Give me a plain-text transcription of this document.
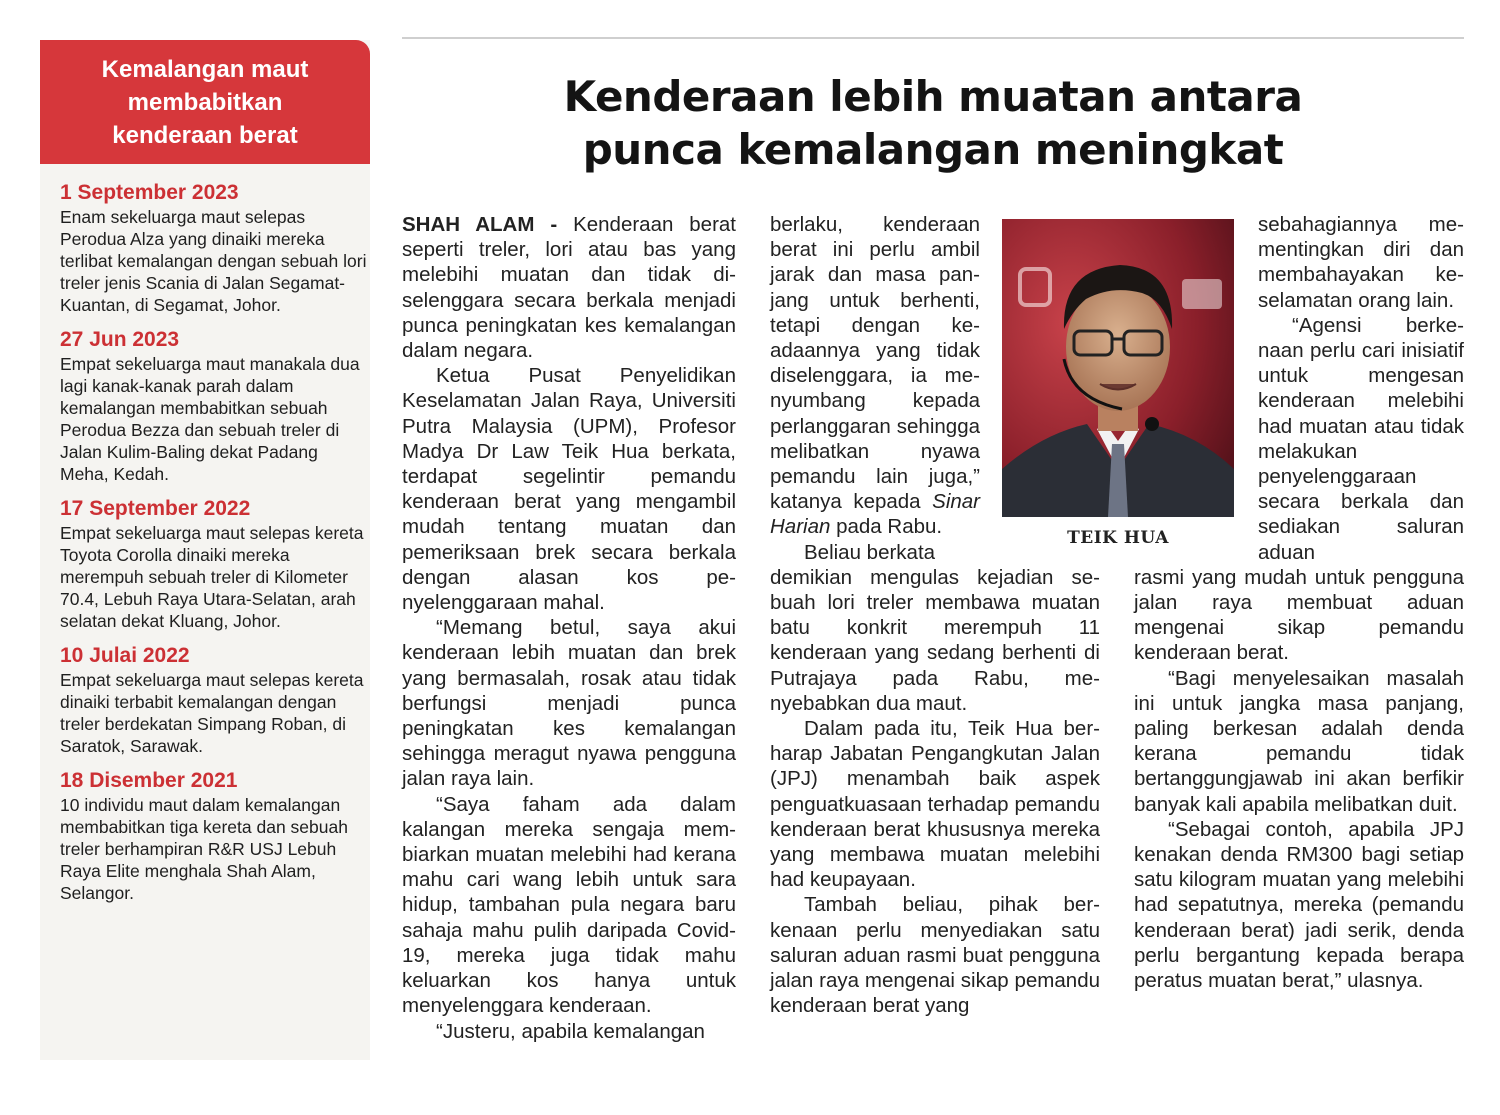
Kemalangan maut
membabitkan
kenderaan berat
1 September 2023
Enam sekeluarga maut selepas Perodua Alza yang dinaiki mereka terlibat kemalangan dengan sebuah lori treler jenis Scania di Jalan Segamat-Kuantan, di Segamat, Johor.
27 Jun 2023
Empat sekeluarga maut manakala dua lagi kanak-kanak parah dalam kemalangan membabitkan sebuah Perodua Bezza dan sebuah treler di Jalan Kulim-Baling dekat Padang Meha, Kedah.
17 September 2022
Empat sekeluarga maut selepas kereta Toyota Corolla dinaiki mereka merempuh sebuah treler di Kilometer 70.4, Lebuh Raya Utara-Selatan, arah selatan dekat Kluang, Johor.
10 Julai 2022
Empat sekeluarga maut selepas kereta dinaiki terbabit kemalangan dengan treler berdekatan Simpang Roban, di Saratok, Sarawak.
18 Disember 2021
10 individu maut dalam kemalangan membabitkan tiga kereta dan sebuah treler berhampiran R&R USJ Lebuh Raya Elite menghala Shah Alam, Selangor.
Kenderaan lebih muatan antara
punca kemalangan meningkat

SHAH ALAM - Kenderaan berat seperti treler, lori atau bas yang melebihi muatan dan tidak diselenggara secara berkala menjadi punca peningkatan kes kemalangan dalam negara.

Ketua Pusat Penyelidikan Keselamatan Jalan Raya, Universiti Putra Malaysia (UPM), Profesor Madya Dr Law Teik Hua berkata, terdapat segelintir pemandu kenderaan berat yang mengambil mudah tentang muatan dan pemeriksaan brek secara berkala dengan alasan kos penyelenggaraan mahal.

“Memang betul, saya akui kenderaan lebih muatan dan brek yang bermasalah, rosak atau tidak berfungsi menjadi punca peningkatan kes kemalangan sehingga meragut nyawa pengguna jalan raya lain.

“Saya faham ada dalam kalangan mereka sengaja membiarkan muatan melebihi had kerana mahu cari wang lebih untuk sara hidup, tambahan pula negara baru sahaja mahu pulih daripada Covid-19, mereka juga tidak mahu keluarkan kos hanya untuk menyelenggara kenderaan.

“Justeru, apabila kemalangan

berlaku, kenderaan berat ini perlu ambil jarak dan masa panjang untuk berhenti, tetapi dengan keadaannya yang tidak diselenggara, ia menyumbang kepada perlanggaran sehingga melibatkan nyawa pemandu lain juga,” katanya kepada Sinar Harian pada Rabu.

Beliau berkata

demikian mengulas kejadian sebuah lori treler membawa muatan batu konkrit merempuh 11 kenderaan yang sedang berhenti di Putrajaya pada Rabu, menyebabkan dua maut.

Dalam pada itu, Teik Hua berharap Jabatan Pengangkutan Jalan (JPJ) menambah baik aspek penguatkuasaan terhadap pemandu kenderaan berat khususnya mereka yang membawa muatan melebihi had keupayaan.

Tambah beliau, pihak berkenaan perlu menyediakan satu saluran aduan rasmi buat pengguna jalan raya mengenai sikap pemandu kenderaan berat yang

sebahagiannya mementingkan diri dan membahayakan keselamatan orang lain.

“Agensi berkenaan perlu cari inisiatif untuk mengesan kenderaan melebihi had muatan atau tidak melakukan penyelenggaraan secara berkala dan sediakan saluran aduan

rasmi yang mudah untuk pengguna jalan raya membuat aduan mengenai sikap pemandu kenderaan berat.

“Bagi menyelesaikan masalah ini untuk jangka masa panjang, paling berkesan adalah denda kerana pemandu tidak bertanggungjawab ini akan berfikir banyak kali apabila melibatkan duit.

“Sebagai contoh, apabila JPJ kenakan denda RM300 bagi setiap satu kilogram muatan yang melebihi had sepatutnya, mereka (pemandu kenderaan berat) jadi serik, denda perlu bergantung kepada berapa peratus muatan berat,” ulasnya.

TEIK HUA
